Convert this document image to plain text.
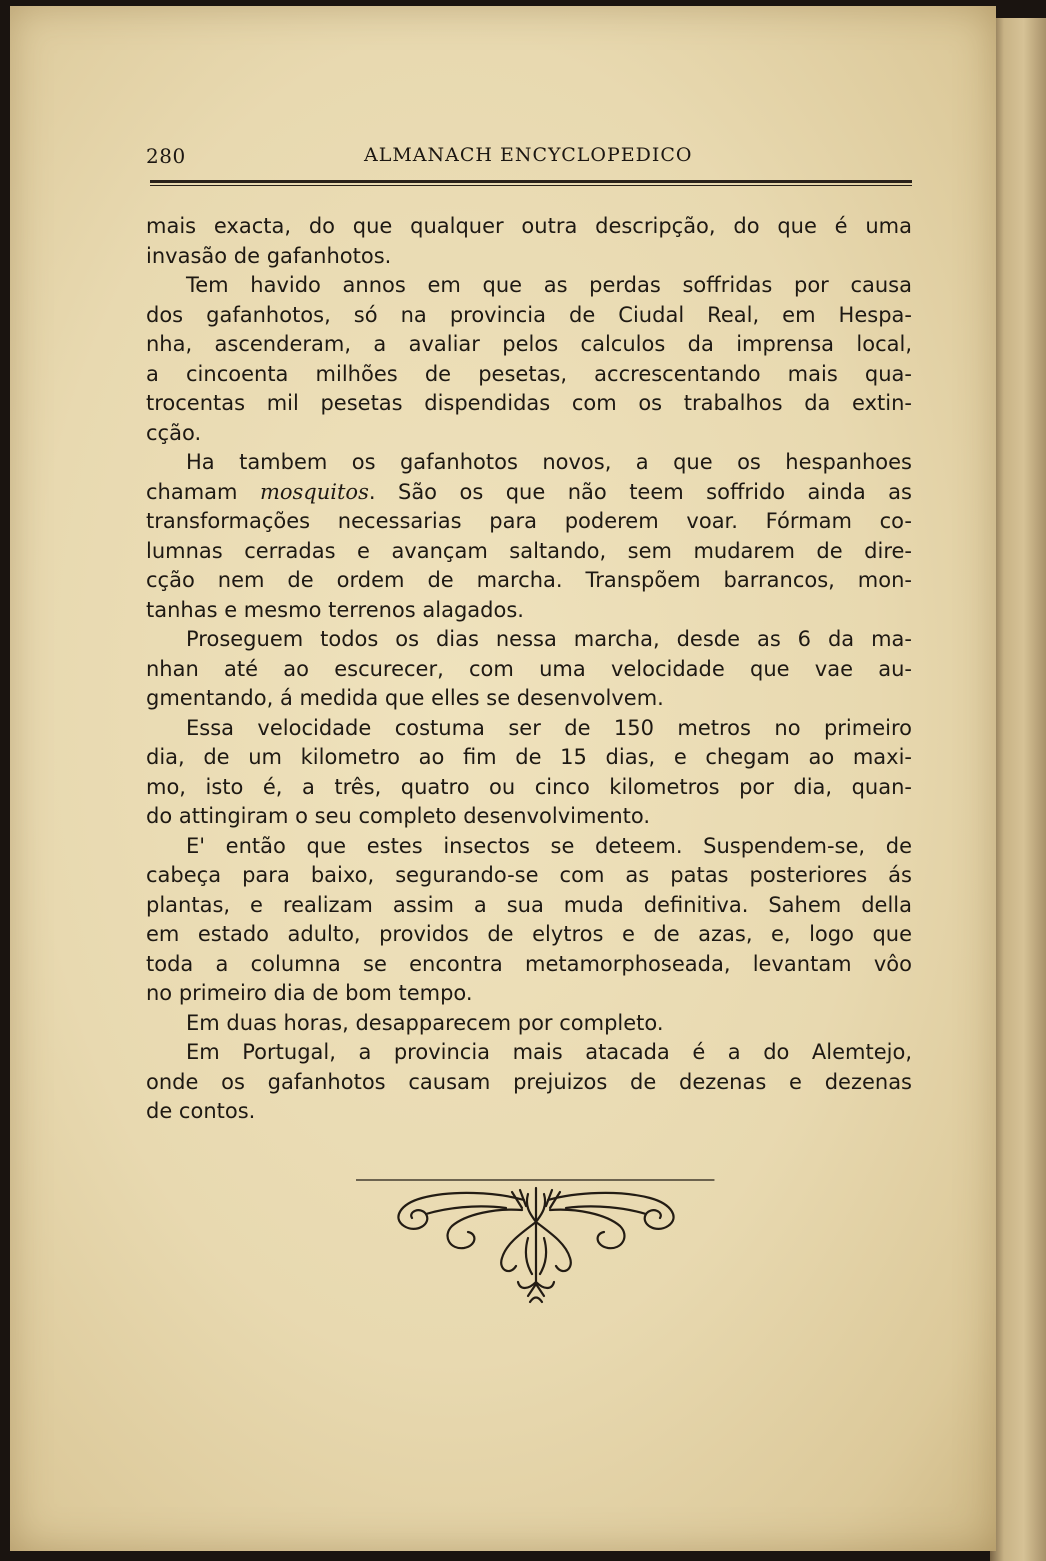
280	ALMANACH ENCYCLOPEDICO
mais exacta, do que qualquer outra descripção, do que é uma
invasão de gafanhotos.
Tem havido annos em que as perdas soffridas por causa
dos gafanhotos, só na provincia de Ciudal Real, em Hespa-
nha, ascenderam, a avaliar pelos calculos da imprensa local,
a cincoenta milhões de pesetas, accrescentando mais qua-
trocentas mil pesetas dispendidas com os trabalhos da extin-
cção.
Ha tambem os gafanhotos novos, a que os hespanhoes
chamam mosquitos. São os que não teem soffrido ainda as
transformações necessarias para poderem voar. Fórmam co-
lumnas cerradas e avançam saltando, sem mudarem de dire-
cção nem de ordem de marcha. Transpõem barrancos, mon-
tanhas e mesmo terrenos alagados.
Proseguem todos os dias nessa marcha, desde as 6 da ma-
nhan até ao escurecer, com uma velocidade que vae au-
gmentando, á medida que elles se desenvolvem.
Essa velocidade costuma ser de 150 metros no primeiro
dia, de um kilometro ao fim de 15 dias, e chegam ao maxi-
mo, isto é, a três, quatro ou cinco kilometros por dia, quan-
do attingiram o seu completo desenvolvimento.
E' então que estes insectos se deteem. Suspendem-se, de
cabeça para baixo, segurando-se com as patas posteriores ás
plantas, e realizam assim a sua muda definitiva. Sahem della
em estado adulto, providos de elytros e de azas, e, logo que
toda a columna se encontra metamorphoseada, levantam vôo
no primeiro dia de bom tempo.
Em duas horas, desapparecem por completo.
Em Portugal, a provincia mais atacada é a do Alemtejo,
onde os gafanhotos causam prejuizos de dezenas e dezenas
de contos.
